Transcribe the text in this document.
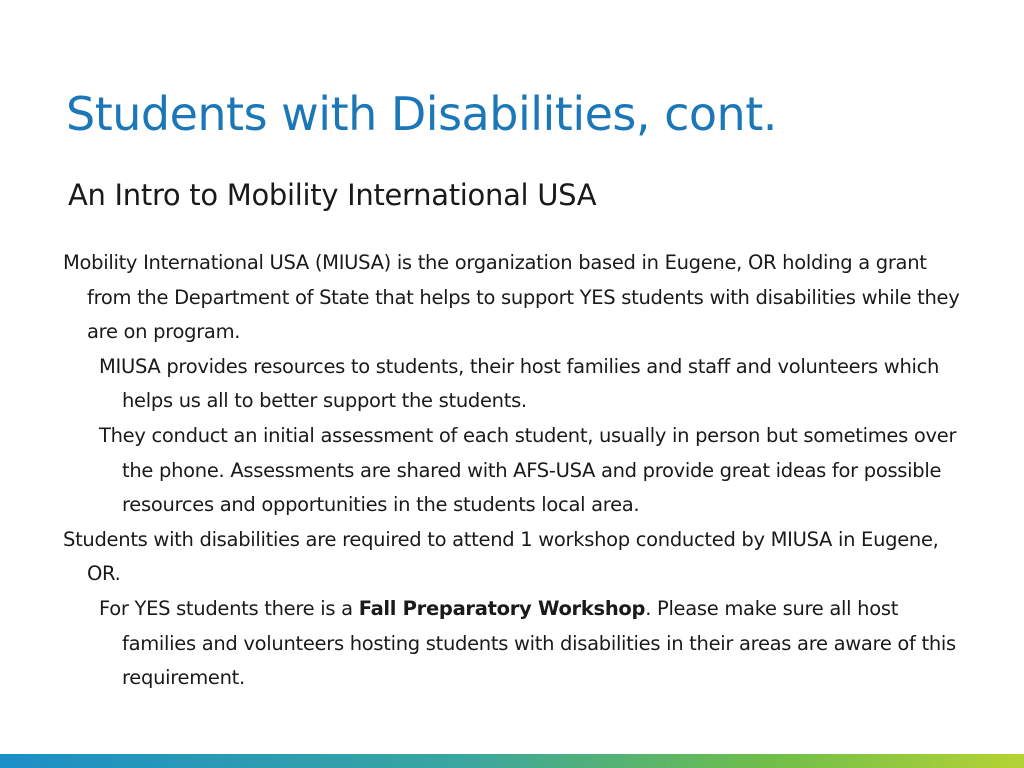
Students with Disabilities, cont.
An Intro to Mobility International USA

Mobility International USA (MIUSA) is the organization based in Eugene, OR holding a grant from the Department of State that helps to support YES students with disabilities while they are on program.

MIUSA provides resources to students, their host families and staff and volunteers which helps us all to better support the students.

They conduct an initial assessment of each student, usually in person but sometimes over the phone. Assessments are shared with AFS-USA and provide great ideas for possible resources and opportunities in the students local area.

Students with disabilities are required to attend 1 workshop conducted by MIUSA in Eugene, OR.

For YES students there is a Fall Preparatory Workshop. Please make sure all host families and volunteers hosting students with disabilities in their areas are aware of this requirement.
